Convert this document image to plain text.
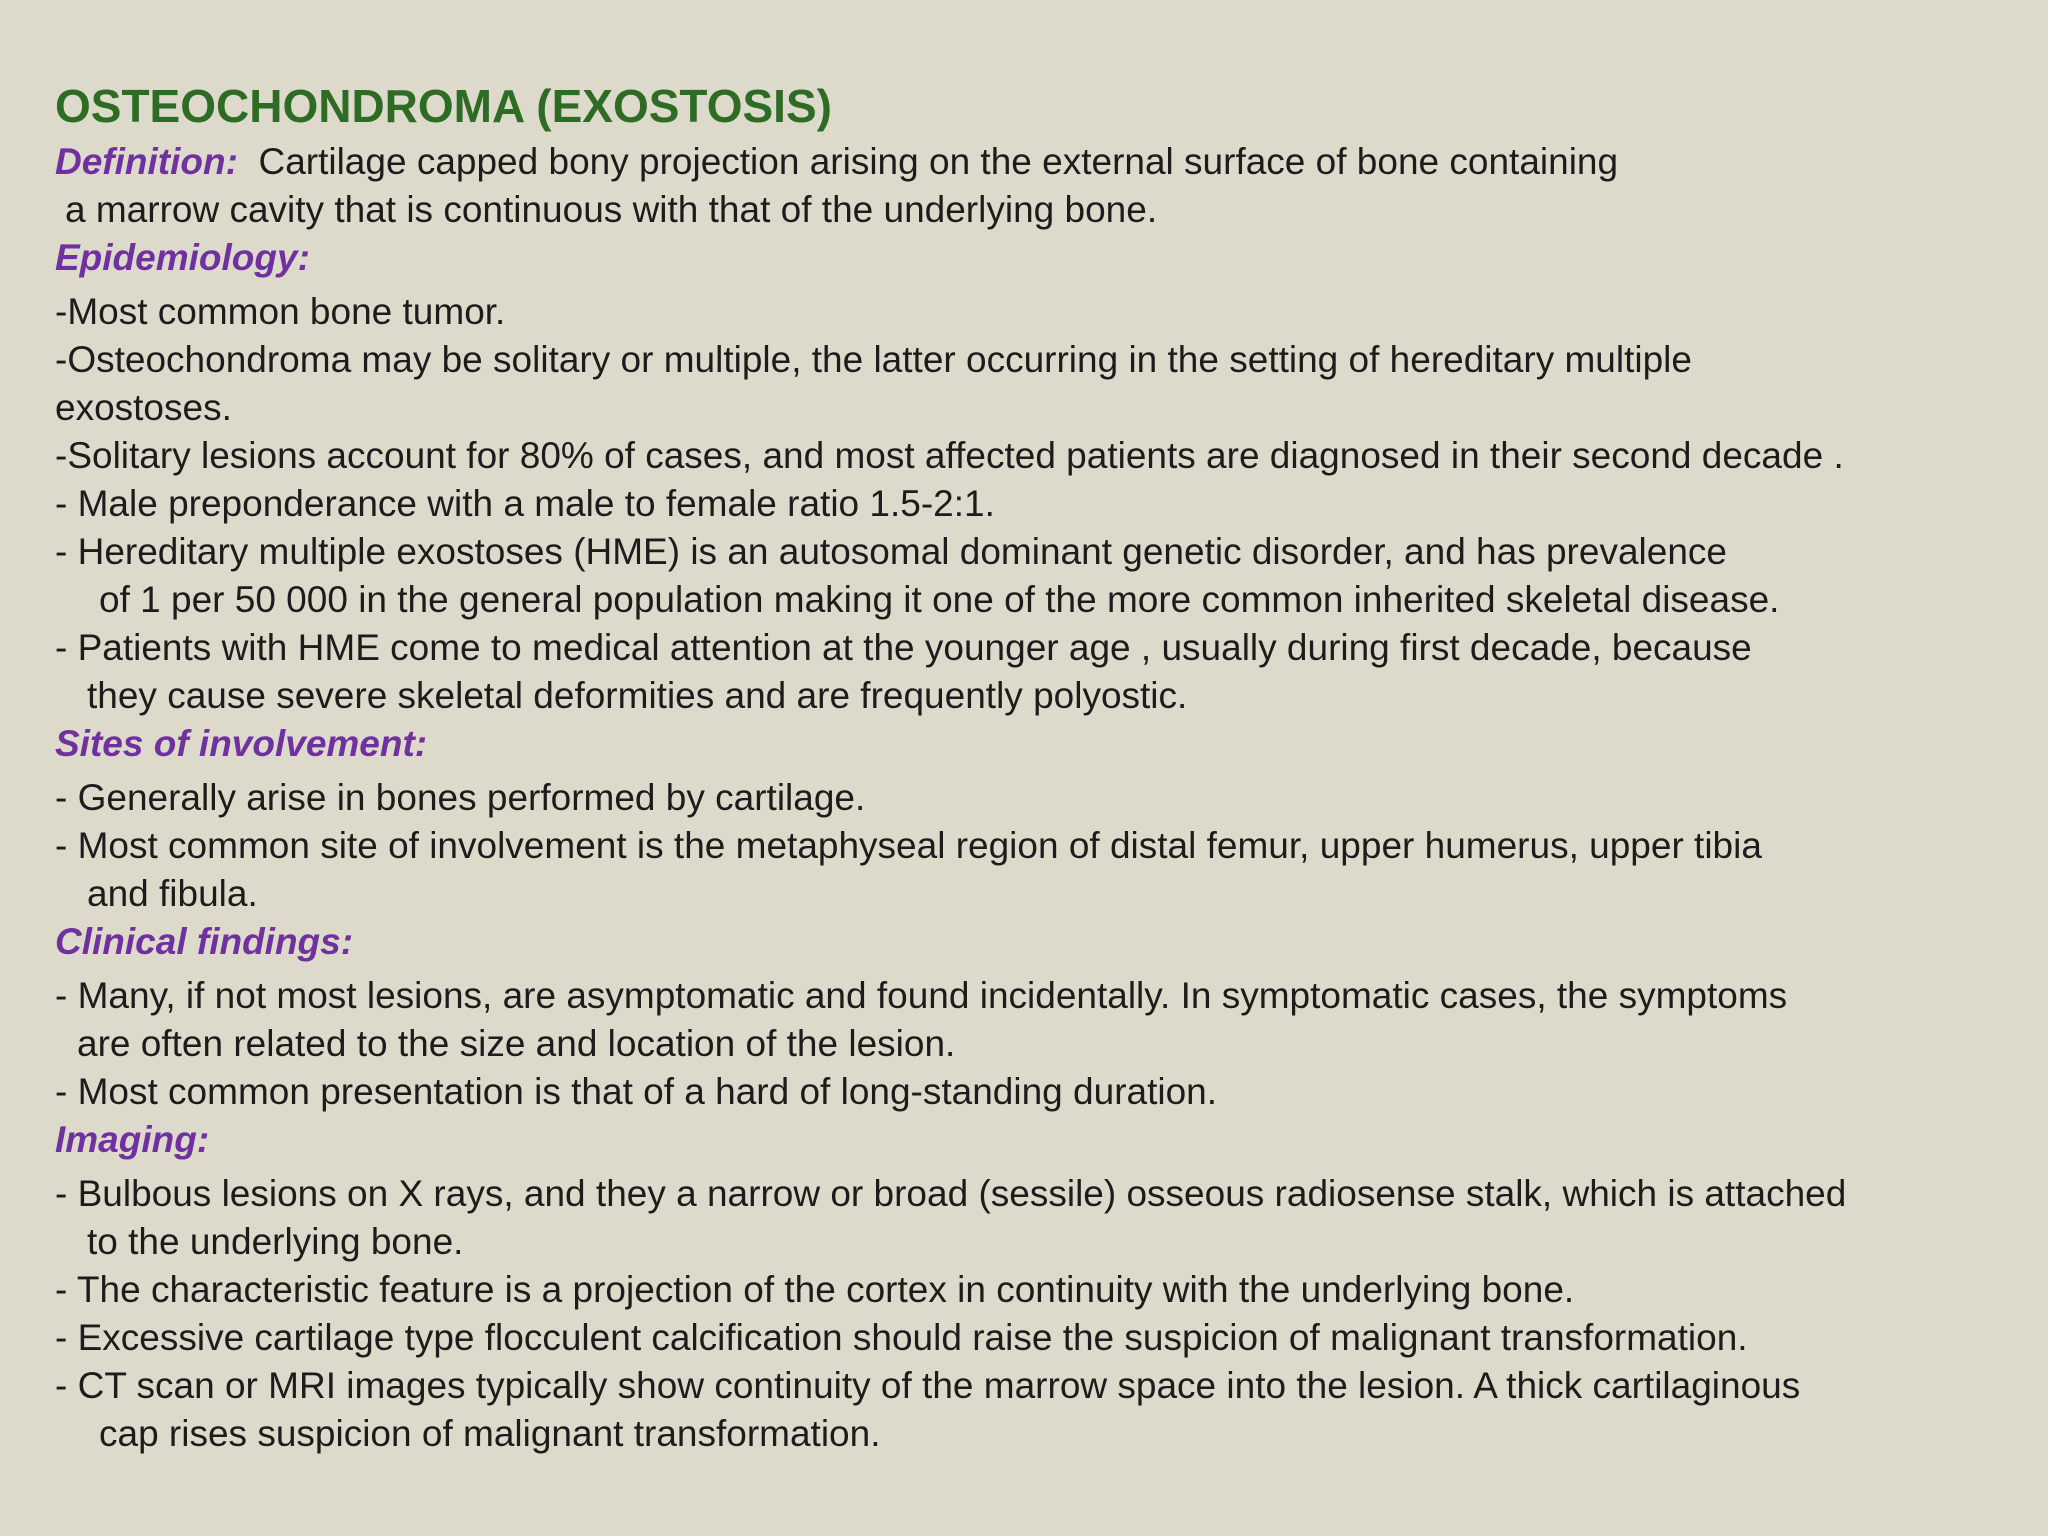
OSTEOCHONDROMA (EXOSTOSIS)

Definition: Cartilage capped bony projection arising on the external surface of bone containing

a marrow cavity that is continuous with that of the underlying bone.

Epidemiology:

-Most common bone tumor.

-Osteochondroma may be solitary or multiple, the latter occurring in the setting of hereditary multiple

exostoses.

-Solitary lesions account for 80% of cases, and most affected patients are diagnosed in their second decade .

- Male preponderance with a male to female ratio 1.5-2:1.

- Hereditary multiple exostoses (HME) is an autosomal dominant genetic disorder, and has prevalence

of 1 per 50 000 in the general population making it one of the more common inherited skeletal disease.

- Patients with HME come to medical attention at the younger age , usually during first decade, because

they cause severe skeletal deformities and are frequently polyostic.

Sites of involvement:

- Generally arise in bones performed by cartilage.

- Most common site of involvement is the metaphyseal region of distal femur, upper humerus, upper tibia

and fibula.

Clinical findings:

- Many, if not most lesions, are asymptomatic and found incidentally. In symptomatic cases, the symptoms

are often related to the size and location of the lesion.

- Most common presentation is that of a hard of long-standing duration.

Imaging:

- Bulbous lesions on X rays, and they a narrow or broad (sessile) osseous radiosense stalk, which is attached

to the underlying bone.

- The characteristic feature is a projection of the cortex in continuity with the underlying bone.

- Excessive cartilage type flocculent calcification should raise the suspicion of malignant transformation.

- CT scan or MRI images typically show continuity of the marrow space into the lesion. A thick cartilaginous

cap rises suspicion of malignant transformation.
